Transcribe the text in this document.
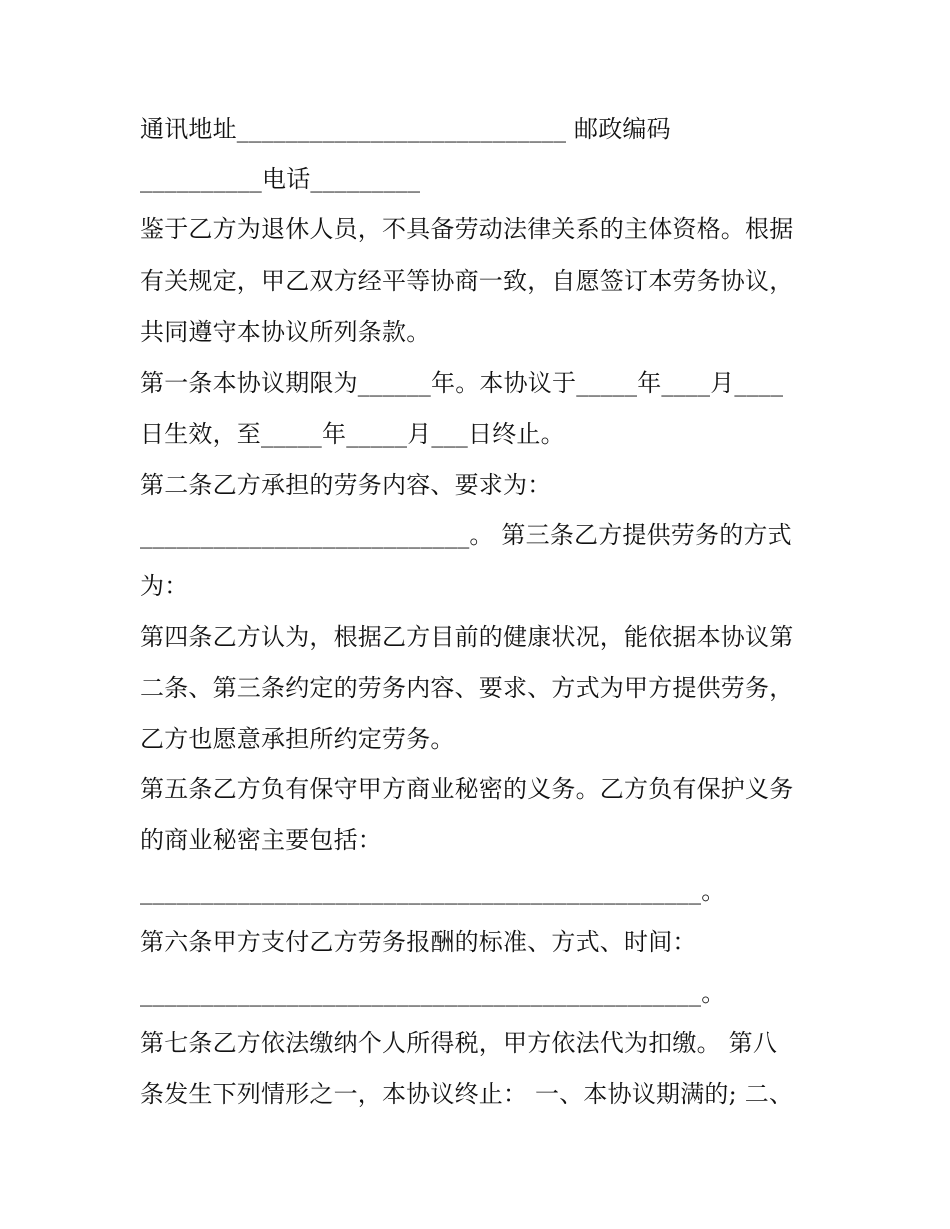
通讯地址___________________________ 邮政编码
__________电话_________
鉴于乙方为退休人员，不具备劳动法律关系的主体资格。根据
有关规定，甲乙双方经平等协商一致，自愿签订本劳务协议，
共同遵守本协议所列条款。
第一条本协议期限为______年。本协议于_____年____月____
日生效，至_____年_____月___日终止。
第二条乙方承担的劳务内容、要求为：
___________________________。 第三条乙方提供劳务的方式
为：
第四条乙方认为，根据乙方目前的健康状况，能依据本协议第
二条、第三条约定的劳务内容、要求、方式为甲方提供劳务，
乙方也愿意承担所约定劳务。
第五条乙方负有保守甲方商业秘密的义务。乙方负有保护义务
的商业秘密主要包括：
______________________________________________。
第六条甲方支付乙方劳务报酬的标准、方式、时间：
______________________________________________。
第七条乙方依法缴纳个人所得税，甲方依法代为扣缴。 第八
条发生下列情形之一，本协议终止： 一、本协议期满的; 二、
